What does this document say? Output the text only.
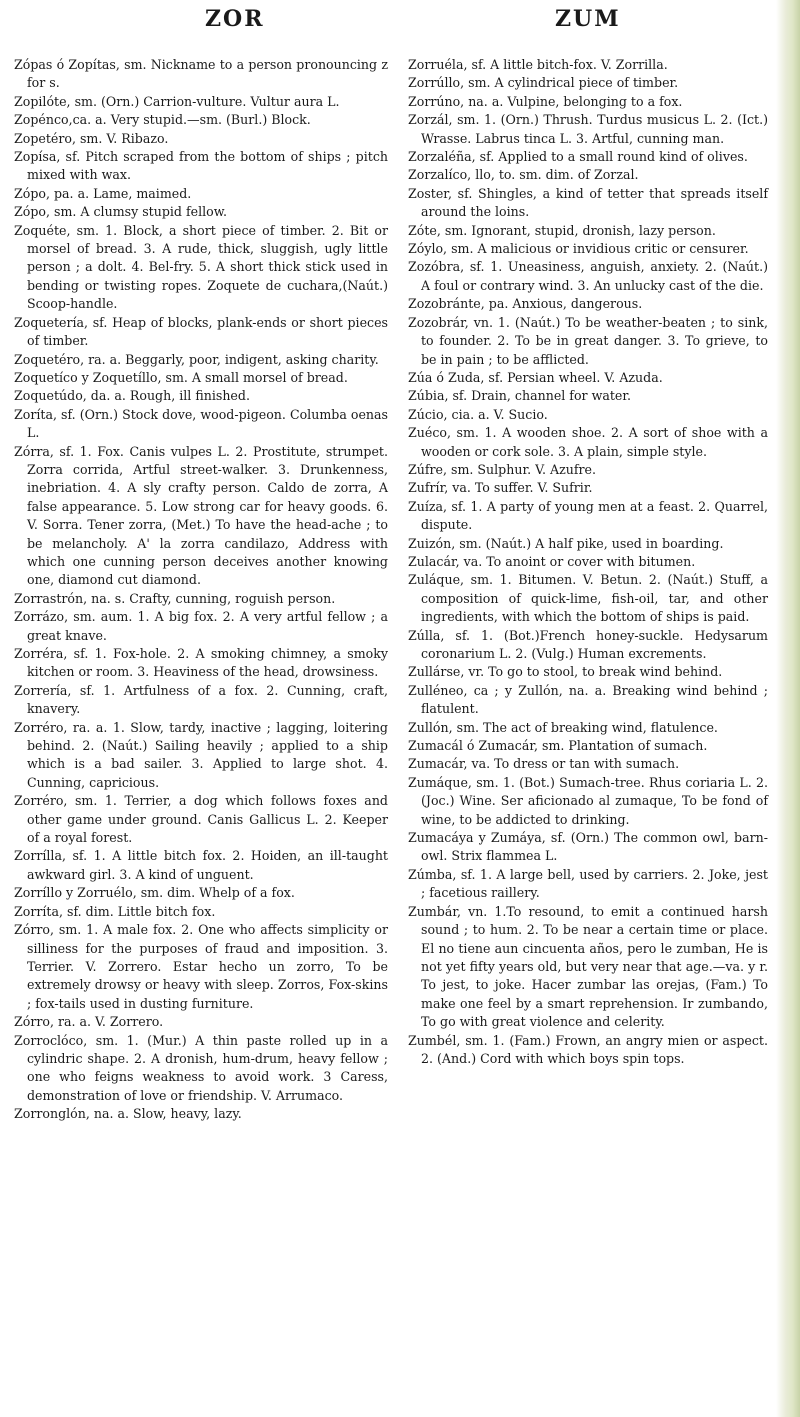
ZOR	ZUM

Zópas ó Zopítas, sm. Nickname to a person pronouncing z for s.

Zopilóte, sm. (Orn.) Carrion-vulture. Vultur aura L.

Zopénco,ca. a. Very stupid.—sm. (Burl.) Block.

Zopetéro, sm. V. Ribazo.

Zopísa, sf. Pitch scraped from the bottom of ships ; pitch mixed with wax.

Zópo, pa. a. Lame, maimed.

Zópo, sm. A clumsy stupid fellow.

Zoquéte, sm. 1. Block, a short piece of timber. 2. Bit or morsel of bread. 3. A rude, thick, sluggish, ugly little person ; a dolt. 4. Bel-fry. 5. A short thick stick used in bending or twisting ropes. Zoquete de cuchara,(Naút.) Scoop-handle.

Zoquetería, sf. Heap of blocks, plank-ends or short pieces of timber.

Zoquetéro, ra. a. Beggarly, poor, indigent, asking charity.

Zoquetíco y Zoquetíllo, sm. A small morsel of bread.

Zoquetúdo, da. a. Rough, ill finished.

Zoríta, sf. (Orn.) Stock dove, wood-pigeon. Columba oenas L.

Zórra, sf. 1. Fox. Canis vulpes L. 2. Prostitute, strumpet. Zorra corrida, Artful street-walker. 3. Drunkenness, inebriation. 4. A sly crafty person. Caldo de zorra, A false appearance. 5. Low strong car for heavy goods. 6. V. Sorra. Tener zorra, (Met.) To have the head-ache ; to be melancholy. A' la zorra candilazo, Address with which one cunning person deceives another knowing one, diamond cut diamond.

Zorrastrón, na. s. Crafty, cunning, roguish person.

Zorrázo, sm. aum. 1. A big fox. 2. A very artful fellow ; a great knave.

Zorréra, sf. 1. Fox-hole. 2. A smoking chimney, a smoky kitchen or room. 3. Heaviness of the head, drowsiness.

Zorrería, sf. 1. Artfulness of a fox. 2. Cunning, craft, knavery.

Zorréro, ra. a. 1. Slow, tardy, inactive ; lagging, loitering behind. 2. (Naút.) Sailing heavily ; applied to a ship which is a bad sailer. 3. Applied to large shot. 4. Cunning, capricious.

Zorréro, sm. 1. Terrier, a dog which follows foxes and other game under ground. Canis Gallicus L. 2. Keeper of a royal forest.

Zorrílla, sf. 1. A little bitch fox. 2. Hoiden, an ill-taught awkward girl. 3. A kind of unguent.

Zorríllo y Zorruélo, sm. dim. Whelp of a fox.

Zorríta, sf. dim. Little bitch fox.

Zórro, sm. 1. A male fox. 2. One who affects simplicity or silliness for the purposes of fraud and imposition. 3. Terrier. V. Zorrero. Estar hecho un zorro, To be extremely drowsy or heavy with sleep. Zorros, Fox-skins ; fox-tails used in dusting furniture.

Zórro, ra. a. V. Zorrero.

Zorroclóco, sm. 1. (Mur.) A thin paste rolled up in a cylindric shape. 2. A dronish, hum-drum, heavy fellow ; one who feigns weakness to avoid work. 3 Caress, demonstration of love or friendship. V. Arrumaco.

Zorronglón, na. a. Slow, heavy, lazy.

Zorruéla, sf. A little bitch-fox. V. Zorrilla.

Zorrúllo, sm. A cylindrical piece of timber.

Zorrúno, na. a. Vulpine, belonging to a fox.

Zorzál, sm. 1. (Orn.) Thrush. Turdus musicus L. 2. (Ict.) Wrasse. Labrus tinca L. 3. Artful, cunning man.

Zorzaléña, sf. Applied to a small round kind of olives.

Zorzalíco, llo, to. sm. dim. of Zorzal.

Zoster, sf. Shingles, a kind of tetter that spreads itself around the loins.

Zóte, sm. Ignorant, stupid, dronish, lazy person.

Zóylo, sm. A malicious or invidious critic or censurer.

Zozóbra, sf. 1. Uneasiness, anguish, anxiety. 2. (Naút.) A foul or contrary wind. 3. An unlucky cast of the die.

Zozobránte, pa. Anxious, dangerous.

Zozobrár, vn. 1. (Naút.) To be weather-beaten ; to sink, to founder. 2. To be in great danger. 3. To grieve, to be in pain ; to be afflicted.

Zúa ó Zuda, sf. Persian wheel. V. Azuda.

Zúbia, sf. Drain, channel for water.

Zúcio, cia. a. V. Sucio.

Zuéco, sm. 1. A wooden shoe. 2. A sort of shoe with a wooden or cork sole. 3. A plain, simple style.

Zúfre, sm. Sulphur. V. Azufre.

Zufrír, va. To suffer. V. Sufrir.

Zuíza, sf. 1. A party of young men at a feast. 2. Quarrel, dispute.

Zuizón, sm. (Naút.) A half pike, used in boarding.

Zulacár, va. To anoint or cover with bitumen.

Zuláque, sm. 1. Bitumen. V. Betun. 2. (Naút.) Stuff, a composition of quick-lime, fish-oil, tar, and other ingredients, with which the bottom of ships is paid.

Zúlla, sf. 1. (Bot.)French honey-suckle. Hedysarum coronarium L. 2. (Vulg.) Human excrements.

Zullárse, vr. To go to stool, to break wind behind.

Zulléneo, ca ; y Zullón, na. a. Breaking wind behind ; flatulent.

Zullón, sm. The act of breaking wind, flatulence.

Zumacál ó Zumacár, sm. Plantation of sumach.

Zumacár, va. To dress or tan with sumach.

Zumáque, sm. 1. (Bot.) Sumach-tree. Rhus coriaria L. 2. (Joc.) Wine. Ser aficionado al zumaque, To be fond of wine, to be addicted to drinking.

Zumacáya y Zumáya, sf. (Orn.) The common owl, barn-owl. Strix flammea L.

Zúmba, sf. 1. A large bell, used by carriers. 2. Joke, jest ; facetious raillery.

Zumbár, vn. 1.To resound, to emit a continued harsh sound ; to hum. 2. To be near a certain time or place. El no tiene aun cincuenta años, pero le zumban, He is not yet fifty years old, but very near that age.—va. y r. To jest, to joke. Hacer zumbar las orejas, (Fam.) To make one feel by a smart reprehension. Ir zumbando, To go with great violence and celerity.

Zumbél, sm. 1. (Fam.) Frown, an angry mien or aspect. 2. (And.) Cord with which boys spin tops.
